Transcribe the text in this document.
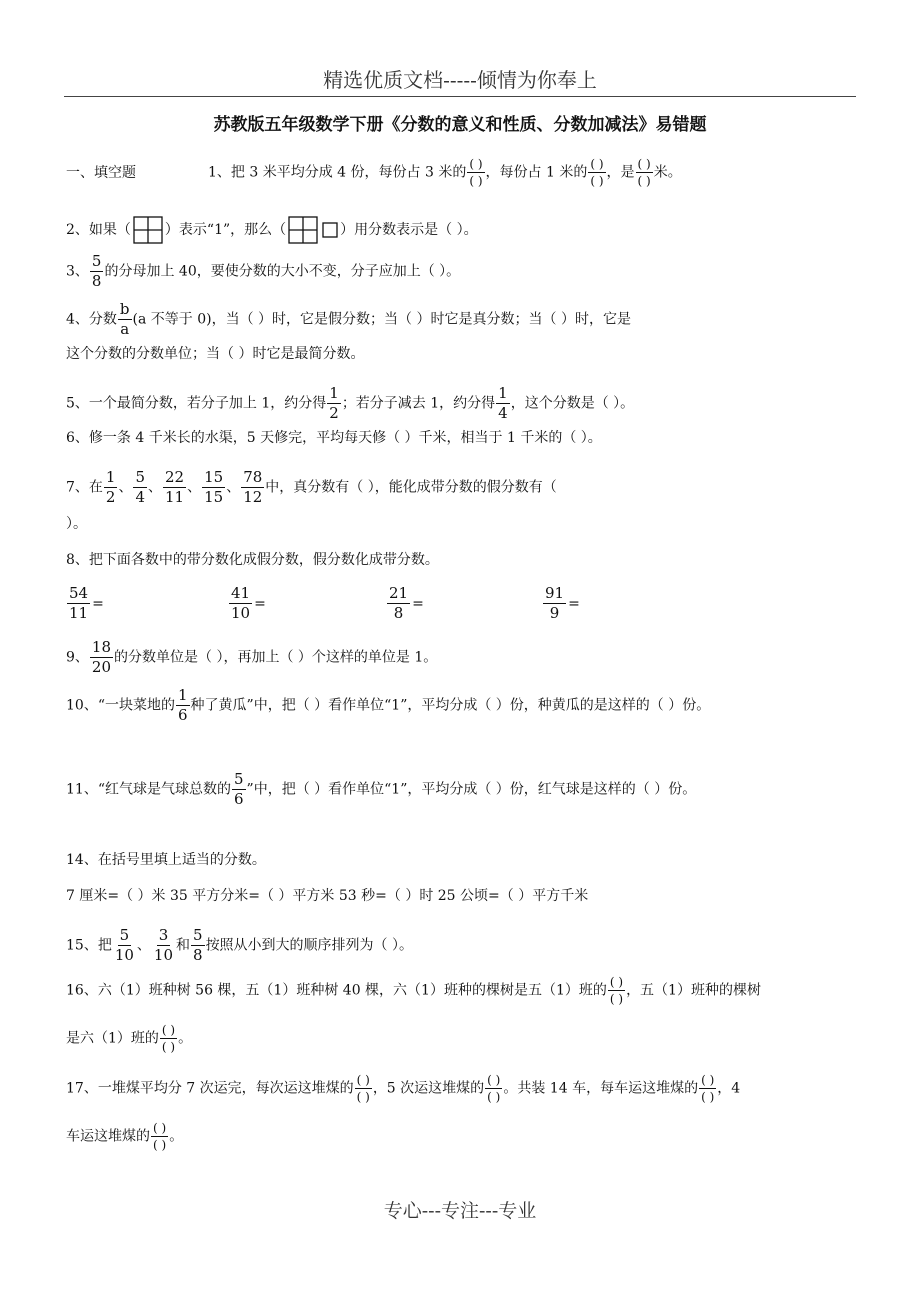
精选优质文档-----倾情为你奉上
苏教版五年级数学下册《分数的意义和性质、分数加减法》易错题
一、填空题	1、把 3 米平均分成 4 份，每份占 3 米的 $\frac{( )}{( )}$ ，每份占 1 米的 $\frac{( )}{( )}$ ，是 $\frac{( )}{( )}$ 米。
2、如果（ ）表示“1”，那么（	）用分数表示是（ ）。
3、 $\frac{5}{8}$ 的分母加上 40，要使分数的大小不变，分子应加上（ ）。
4、分数 $\frac{b}{a} (a$ 不等于 0)，当（ ）时，它是假分数；当（ ）时它是真分数；当（ ）时，它是
这个分数的分数单位；当（ ）时它是最简分数。
5、一个最简分数，若分子加上 1，约分得 $\frac{1}{2}$ ；若分子减去 1，约分得 $\frac{1}{4}$ ，这个分数是（ ）。
6、修一条 4 千米长的水渠，5 天修完，平均每天修（ ）千米，相当于 1 千米的（ ）。
7、在 $\frac{1}{2}$ 、 $\frac{5}{4}$ 、 $\frac{22}{11}$ 、 $\frac{15}{15}$ 、 $\frac{78}{12}$ 中，真分数有（ ），能化成带分数的假分数有（
）。
8、把下面各数中的带分数化成假分数，假分数化成带分数。
$\frac{54}{11}$ =	$\frac{41}{10}$ =	$\frac{21}{8}$ =	$\frac{91}{9}$ =
9、 $\frac{18}{20}$ 的分数单位是（ ），再加上（ ）个这样的单位是 1。
10、“一块菜地的 $\frac{1}{6}$ 种了黄瓜”中，把（ ）看作单位“1”，平均分成（ ）份，种黄瓜的是这样的（ ）份。
11、“红气球是气球总数的 $\frac{5}{6}$ ”中，把（ ）看作单位“1”，平均分成（ ）份，红气球是这样的（ ）份。
14、在括号里填上适当的分数。
7 厘米=（ ）米 35 平方分米=（ ）平方米 53 秒=（ ）时 25 公顷=（ ）平方千米
15、把 $\frac{5}{10}$ 、 $\frac{3}{10}$ 和 $\frac{5}{8}$ 按照从小到大的顺序排列为（ ）。
16、六（1）班种树 56 棵，五（1）班种树 40 棵，六（1）班种的棵树是五（1）班的 $\frac{( )}{( )}$ ，五（1）班种的棵树
是六（1）班的 $\frac{( )}{( )}$ 。
17、一堆煤平均分 7 次运完，每次运这堆煤的 $\frac{( )}{( )}$ ，5 次运这堆煤的 $\frac{( )}{( )}$ 。共装 14 车，每车运这堆煤的 $\frac{( )}{( )}$ ，4
车运这堆煤的 $\frac{( )}{( )}$ 。
专心---专注---专业
